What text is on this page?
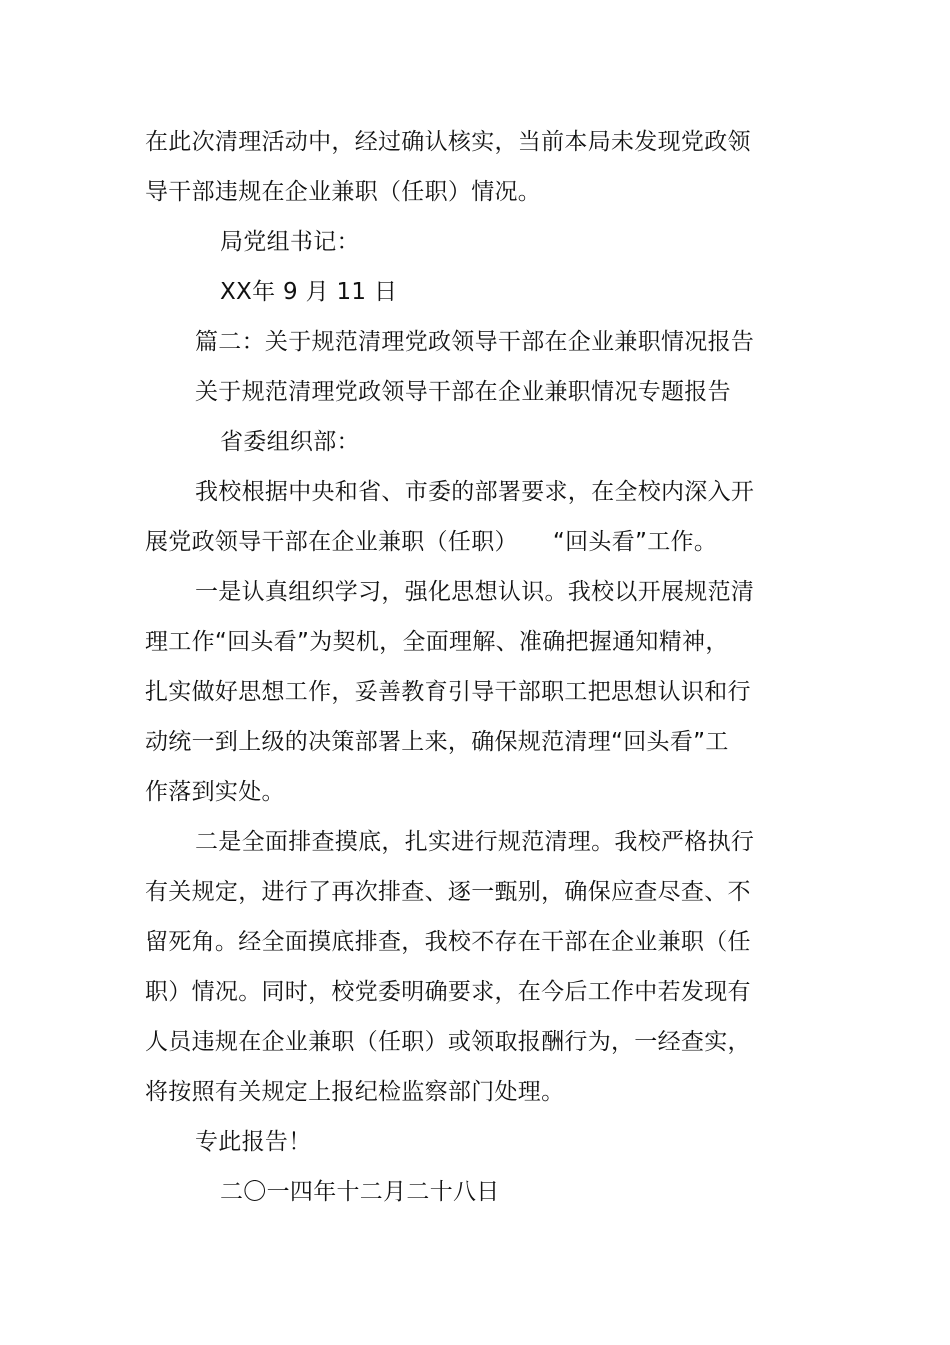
在此次清理活动中，经过确认核实，当前本局未发现党政领
导干部违规在企业兼职（任职）情况。
局党组书记：
XX年 9 月 11 日
篇二：关于规范清理党政领导干部在企业兼职情况报告
关于规范清理党政领导干部在企业兼职情况专题报告
省委组织部：
我校根据中央和省、市委的部署要求，在全校内深入开
展党政领导干部在企业兼职（任职）　　“回头看”工作。
一是认真组织学习，强化思想认识。我校以开展规范清
理工作“回头看”为契机，全面理解、准确把握通知精神，
扎实做好思想工作，妥善教育引导干部职工把思想认识和行
动统一到上级的决策部署上来，确保规范清理“回头看”工
作落到实处。
二是全面排查摸底，扎实进行规范清理。我校严格执行
有关规定，进行了再次排查、逐一甄别，确保应查尽查、不
留死角。经全面摸底排查，我校不存在干部在企业兼职（任
职）情况。同时，校党委明确要求，在今后工作中若发现有
人员违规在企业兼职（任职）或领取报酬行为，一经查实，
将按照有关规定上报纪检监察部门处理。
专此报告！
二〇一四年十二月二十八日
